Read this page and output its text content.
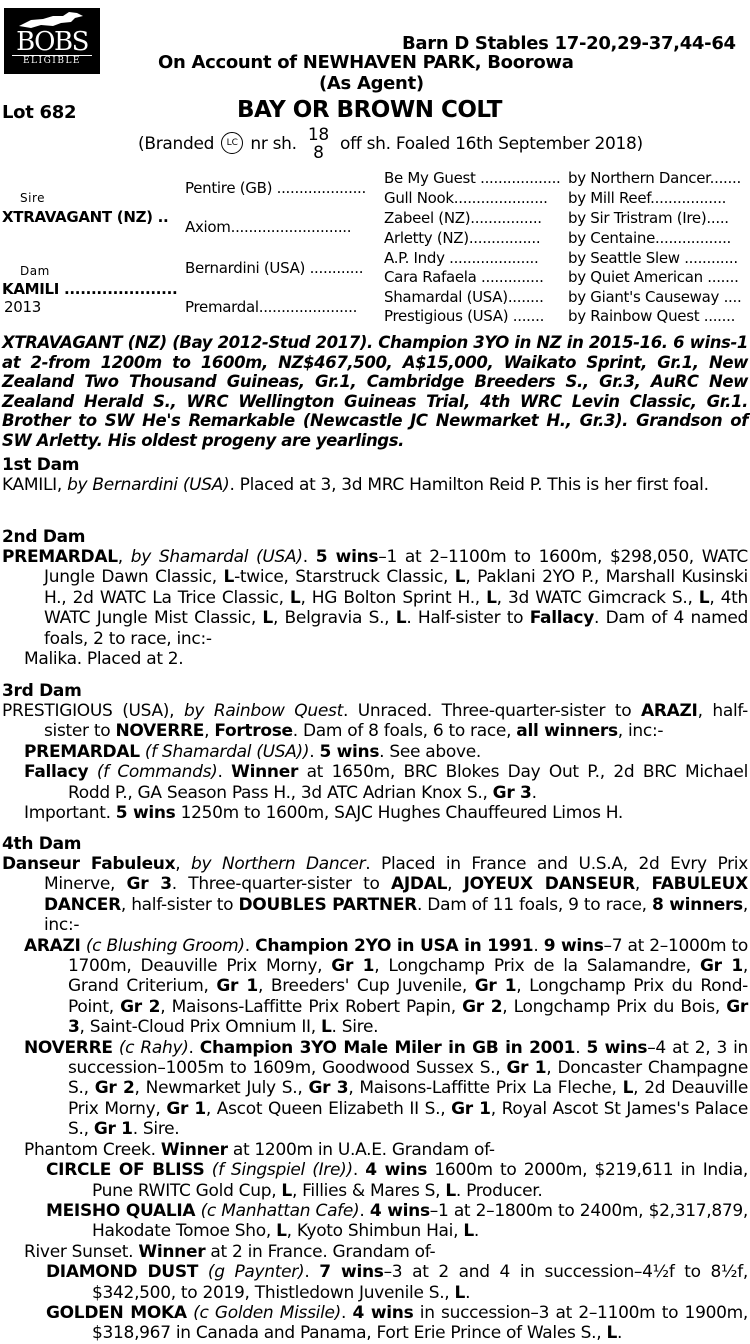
BOBS
ELIGIBLE
Barn D Stables 17-20,29-37,44-64
On Account of NEWHAVEN PARK, Boorowa
(As Agent)
Lot 682	BAY OR BROWN COLT
(Branded LC nr sh. 18
8 off sh. Foaled 16th September 2018)
Sire
XTRAVAGANT (NZ) ..
Dam
KAMILI .....................
2013
Pentire (GB) ....................
Axiom...........................
Bernardini (USA) ............
Premardal......................
Be My Guest ..................
Gull Nook.....................
Zabeel (NZ)................
Arletty (NZ)................
A.P. Indy ....................
Cara Rafaela ..............
Shamardal (USA)........
Prestigious (USA) .......
by Northern Dancer.......
by Mill Reef.................
by Sir Tristram (Ire).....
by Centaine.................
by Seattle Slew ............
by Quiet American .......
by Giant's Causeway ....
by Rainbow Quest .......
XTRAVAGANT (NZ) (Bay 2012-Stud 2017). Champion 3YO in NZ in 2015-16. 6 wins-1 at 2-from 1200m to 1600m, NZ$467,500, A$15,000, Waikato Sprint, Gr.1, New Zealand Two Thousand Guineas, Gr.1, Cambridge Breeders S., Gr.3, AuRC New Zealand Herald S., WRC Wellington Guineas Trial, 4th WRC Levin Classic, Gr.1. Brother to SW He's Remarkable (Newcastle JC Newmarket H., Gr.3). Grandson of SW Arletty. His oldest progeny are yearlings.
1st Dam

KAMILI, by Bernardini (USA). Placed at 3, 3d MRC Hamilton Reid P. This is her first foal.

2nd Dam

PREMARDAL, by Shamardal (USA). 5 wins–1 at 2–1100m to 1600m, $298,050, WATC Jungle Dawn Classic, L-twice, Starstruck Classic, L, Paklani 2YO P., Marshall Kusinski H., 2d WATC La Trice Classic, L, HG Bolton Sprint H., L, 3d WATC Gimcrack S., L, 4th WATC Jungle Mist Classic, L, Belgravia S., L. Half-sister to Fallacy. Dam of 4 named foals, 2 to race, inc:-

Malika. Placed at 2.

3rd Dam

PRESTIGIOUS (USA), by Rainbow Quest. Unraced. Three-quarter-sister to ARAZI, half-sister to NOVERRE, Fortrose. Dam of 8 foals, 6 to race, all winners, inc:-

PREMARDAL (f Shamardal (USA)). 5 wins. See above.

Fallacy (f Commands). Winner at 1650m, BRC Blokes Day Out P., 2d BRC Michael Rodd P., GA Season Pass H., 3d ATC Adrian Knox S., Gr 3.

Important. 5 wins 1250m to 1600m, SAJC Hughes Chauffeured Limos H.

4th Dam

Danseur Fabuleux, by Northern Dancer. Placed in France and U.S.A, 2d Evry Prix Minerve, Gr 3. Three-quarter-sister to AJDAL, JOYEUX DANSEUR, FABULEUX DANCER, half-sister to DOUBLES PARTNER. Dam of 11 foals, 9 to race, 8 winners, inc:-

ARAZI (c Blushing Groom). Champion 2YO in USA in 1991. 9 wins–7 at 2–1000m to 1700m, Deauville Prix Morny, Gr 1, Longchamp Prix de la Salamandre, Gr 1, Grand Criterium, Gr 1, Breeders' Cup Juvenile, Gr 1, Longchamp Prix du Rond-Point, Gr 2, Maisons-Laffitte Prix Robert Papin, Gr 2, Longchamp Prix du Bois, Gr 3, Saint-Cloud Prix Omnium II, L. Sire.

NOVERRE (c Rahy). Champion 3YO Male Miler in GB in 2001. 5 wins–4 at 2, 3 in succession–1005m to 1609m, Goodwood Sussex S., Gr 1, Doncaster Champagne S., Gr 2, Newmarket July S., Gr 3, Maisons-Laffitte Prix La Fleche, L, 2d Deauville Prix Morny, Gr 1, Ascot Queen Elizabeth II S., Gr 1, Royal Ascot St James's Palace S., Gr 1. Sire.

Phantom Creek. Winner at 1200m in U.A.E. Grandam of-

CIRCLE OF BLISS (f Singspiel (Ire)). 4 wins 1600m to 2000m, $219,611 in India, Pune RWITC Gold Cup, L, Fillies & Mares S, L. Producer.

MEISHO QUALIA (c Manhattan Cafe). 4 wins–1 at 2–1800m to 2400m, $2,317,879, Hakodate Tomoe Sho, L, Kyoto Shimbun Hai, L.

River Sunset. Winner at 2 in France. Grandam of-

DIAMOND DUST (g Paynter). 7 wins–3 at 2 and 4 in succession–4½f to 8½f, $342,500, to 2019, Thistledown Juvenile S., L.

GOLDEN MOKA (c Golden Missile). 4 wins in succession–3 at 2–1100m to 1900m, $318,967 in Canada and Panama, Fort Erie Prince of Wales S., L.
